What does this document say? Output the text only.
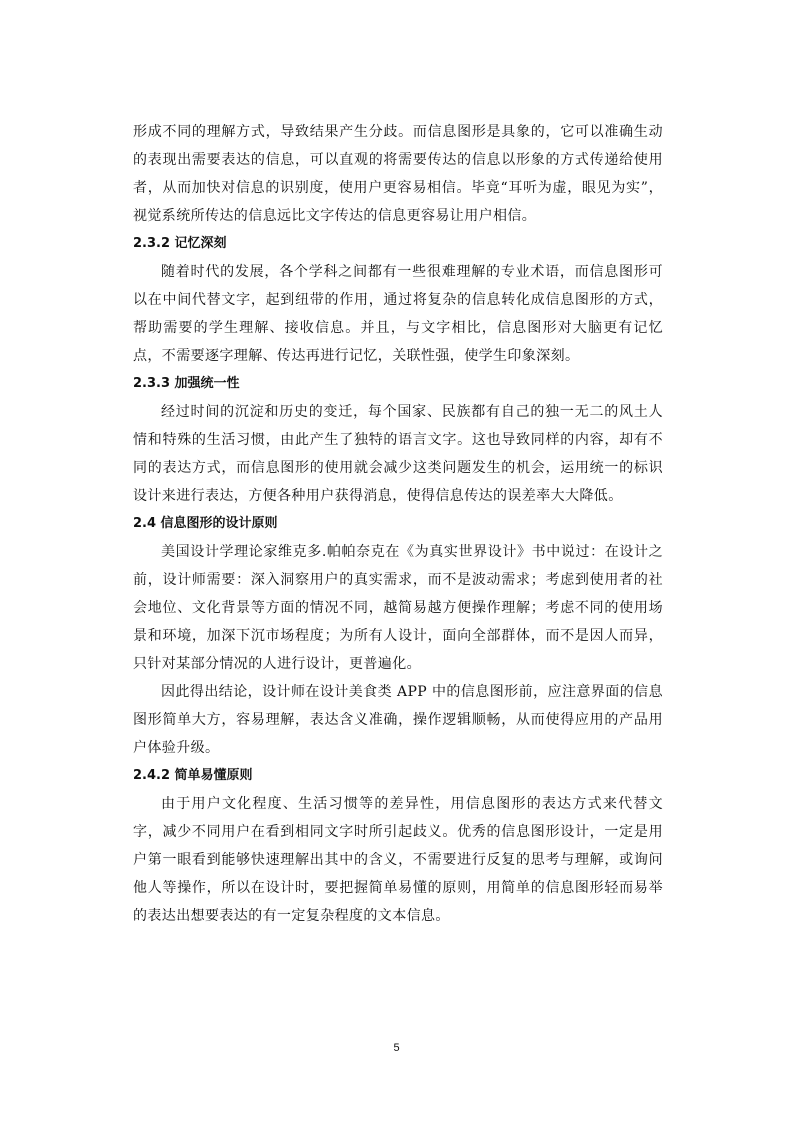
形成不同的理解方式，导致结果产生分歧。而信息图形是具象的，它可以准确生动的表现出需要表达的信息，可以直观的将需要传达的信息以形象的方式传递给使用者，从而加快对信息的识别度，使用户更容易相信。毕竟“耳听为虚，眼见为实”，视觉系统所传达的信息远比文字传达的信息更容易让用户相信。

2.3.2 记忆深刻

随着时代的发展，各个学科之间都有一些很难理解的专业术语，而信息图形可以在中间代替文字，起到纽带的作用，通过将复杂的信息转化成信息图形的方式，帮助需要的学生理解、接收信息。并且，与文字相比，信息图形对大脑更有记忆点，不需要逐字理解、传达再进行记忆，关联性强，使学生印象深刻。

2.3.3 加强统一性

经过时间的沉淀和历史的变迁，每个国家、民族都有自己的独一无二的风土人情和特殊的生活习惯，由此产生了独特的语言文字。这也导致同样的内容，却有不同的表达方式，而信息图形的使用就会减少这类问题发生的机会，运用统一的标识设计来进行表达，方便各种用户获得消息，使得信息传达的误差率大大降低。

2.4 信息图形的设计原则

美国设计学理论家维克多.帕帕奈克在《为真实世界设计》书中说过：在设计之前，设计师需要：深入洞察用户的真实需求，而不是波动需求；考虑到使用者的社会地位、文化背景等方面的情况不同，越简易越方便操作理解；考虑不同的使用场景和环境，加深下沉市场程度；为所有人设计，面向全部群体，而不是因人而异，只针对某部分情况的人进行设计，更普遍化。

因此得出结论，设计师在设计美食类 APP 中的信息图形前，应注意界面的信息图形简单大方，容易理解，表达含义准确，操作逻辑顺畅，从而使得应用的产品用户体验升级。

2.4.2 简单易懂原则

由于用户文化程度、生活习惯等的差异性，用信息图形的表达方式来代替文字，减少不同用户在看到相同文字时所引起歧义。优秀的信息图形设计，一定是用户第一眼看到能够快速理解出其中的含义，不需要进行反复的思考与理解，或询问他人等操作，所以在设计时，要把握简单易懂的原则，用简单的信息图形轻而易举的表达出想要表达的有一定复杂程度的文本信息。

5
